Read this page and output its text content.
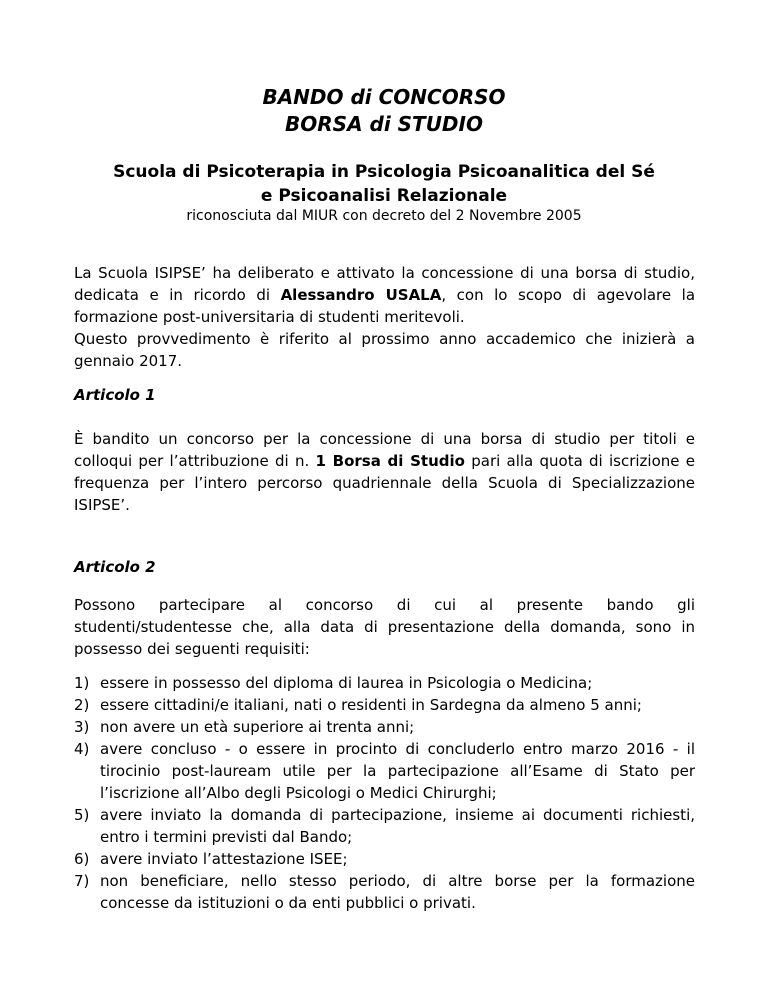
BANDO di CONCORSO

BORSA di STUDIO

Scuola di Psicoterapia in Psicologia Psicoanalitica del Sé
e Psicoanalisi Relazionale

riconosciuta dal MIUR con decreto del 2 Novembre 2005

La Scuola ISIPSE’ ha deliberato e attivato la concessione di una borsa di studio, dedicata e in ricordo di Alessandro USALA, con lo scopo di agevolare la formazione post-universitaria di studenti meritevoli.

Questo provvedimento è riferito al prossimo anno accademico che inizierà a gennaio 2017.

Articolo 1

È bandito un concorso per la concessione di una borsa di studio per titoli e colloqui per l’attribuzione di n. 1 Borsa di Studio pari alla quota di iscrizione e frequenza per l’intero percorso quadriennale della Scuola di Specializzazione ISIPSE’.

Articolo 2

Possono partecipare al concorso di cui al presente bando gli

studenti/studentesse che, alla data di presentazione della domanda, sono in possesso dei seguenti requisiti:

1) essere in possesso del diploma di laurea in Psicologia o Medicina;
2) essere cittadini/e italiani, nati o residenti in Sardegna da almeno 5 anni;
3) non avere un età superiore ai trenta anni;
4) avere concluso - o essere in procinto di concluderlo entro marzo 2016 - il tirocinio post-lauream utile per la partecipazione all’Esame di Stato per l’iscrizione all’Albo degli Psicologi o Medici Chirurghi;
5) avere inviato la domanda di partecipazione, insieme ai documenti richiesti, entro i termini previsti dal Bando;
6) avere inviato l’attestazione ISEE;
7) non beneficiare, nello stesso periodo, di altre borse per la formazione concesse da istituzioni o da enti pubblici o privati.
